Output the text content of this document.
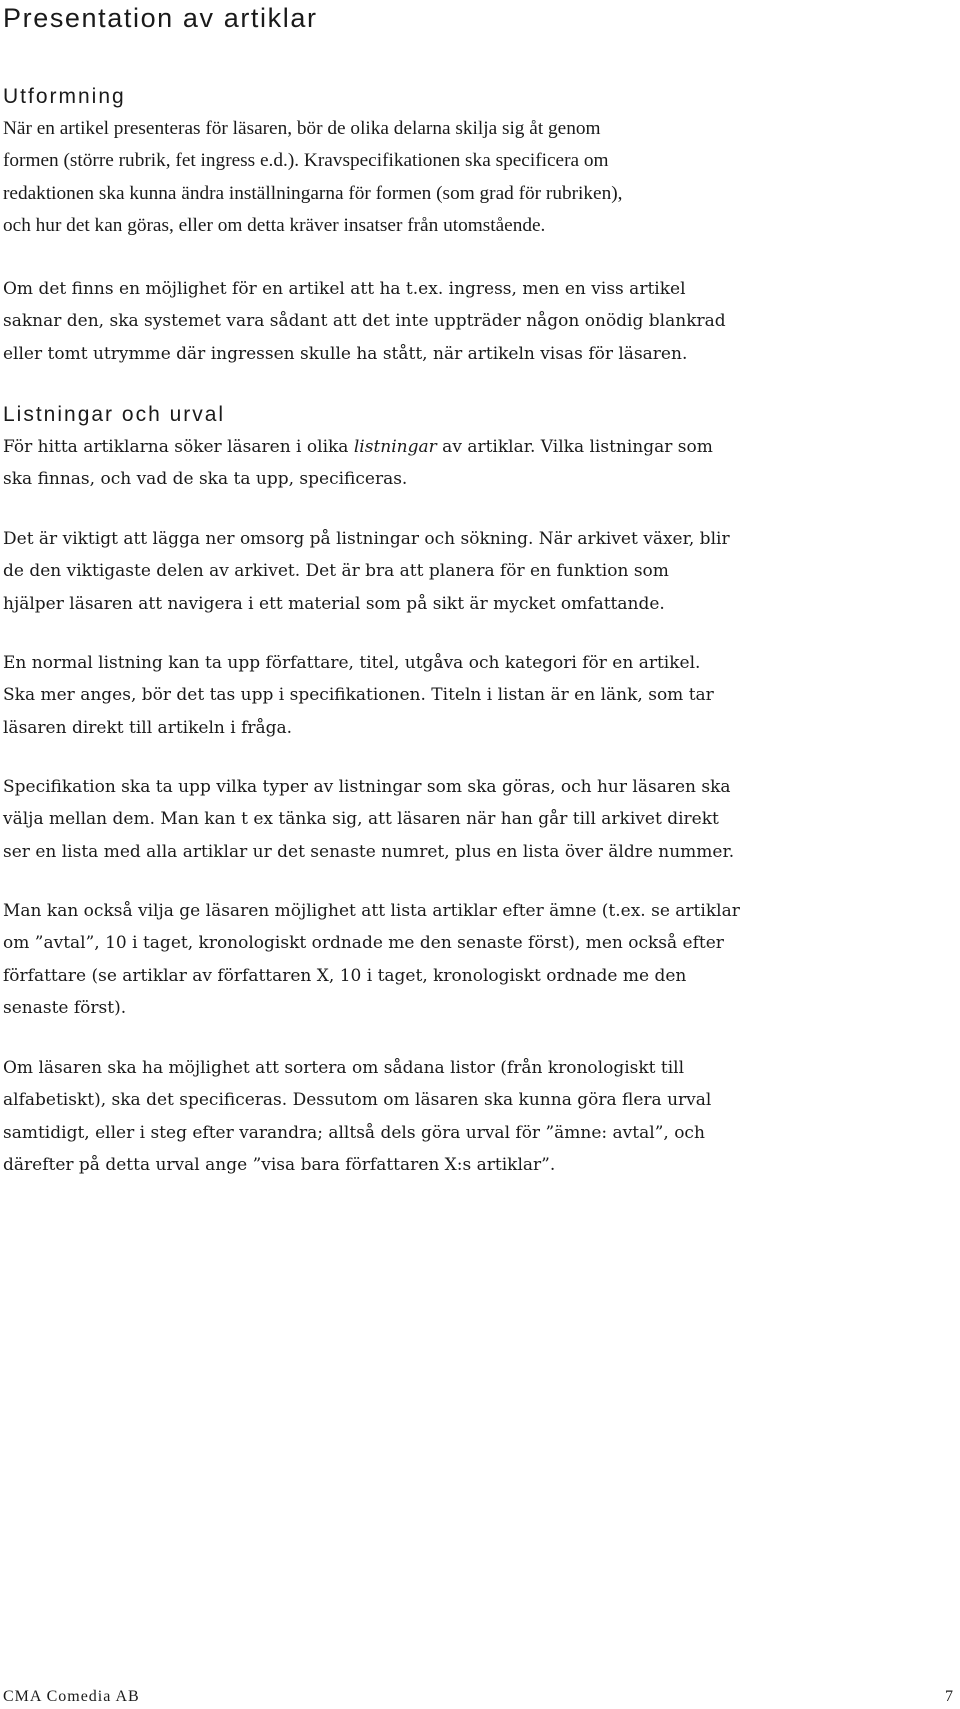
Presentation av artiklar
Utformning

När en artikel presenteras för läsaren, bör de olika delarna skilja sig åt genom
formen (större rubrik, fet ingress e.d.). Kravspecifikationen ska specificera om
redaktionen ska kunna ändra inställningarna för formen (som grad för rubriken),
och hur det kan göras, eller om detta kräver insatser från utomstående.

Om det finns en möjlighet för en artikel att ha t.ex. ingress, men en viss artikel
saknar den, ska systemet vara sådant att det inte uppträder någon onödig blankrad
eller tomt utrymme där ingressen skulle ha stått, när artikeln visas för läsaren.

Listningar och urval

För hitta artiklarna söker läsaren i olika listningar av artiklar. Vilka listningar som
ska finnas, och vad de ska ta upp, specificeras.

Det är viktigt att lägga ner omsorg på listningar och sökning. När arkivet växer, blir
de den viktigaste delen av arkivet. Det är bra att planera för en funktion som
hjälper läsaren att navigera i ett material som på sikt är mycket omfattande.

En normal listning kan ta upp författare, titel, utgåva och kategori för en artikel.
Ska mer anges, bör det tas upp i specifikationen. Titeln i listan är en länk, som tar
läsaren direkt till artikeln i fråga.

Specifikation ska ta upp vilka typer av listningar som ska göras, och hur läsaren ska
välja mellan dem. Man kan t ex tänka sig, att läsaren när han går till arkivet direkt
ser en lista med alla artiklar ur det senaste numret, plus en lista över äldre nummer.

Man kan också vilja ge läsaren möjlighet att lista artiklar efter ämne (t.ex. se artiklar
om ”avtal”, 10 i taget, kronologiskt ordnade me den senaste först), men också efter
författare (se artiklar av författaren X, 10 i taget, kronologiskt ordnade me den
senaste först).

Om läsaren ska ha möjlighet att sortera om sådana listor (från kronologiskt till
alfabetiskt), ska det specificeras. Dessutom om läsaren ska kunna göra flera urval
samtidigt, eller i steg efter varandra; alltså dels göra urval för ”ämne: avtal”, och
därefter på detta urval ange ”visa bara författaren X:s artiklar”.

CMA Comedia AB	7
